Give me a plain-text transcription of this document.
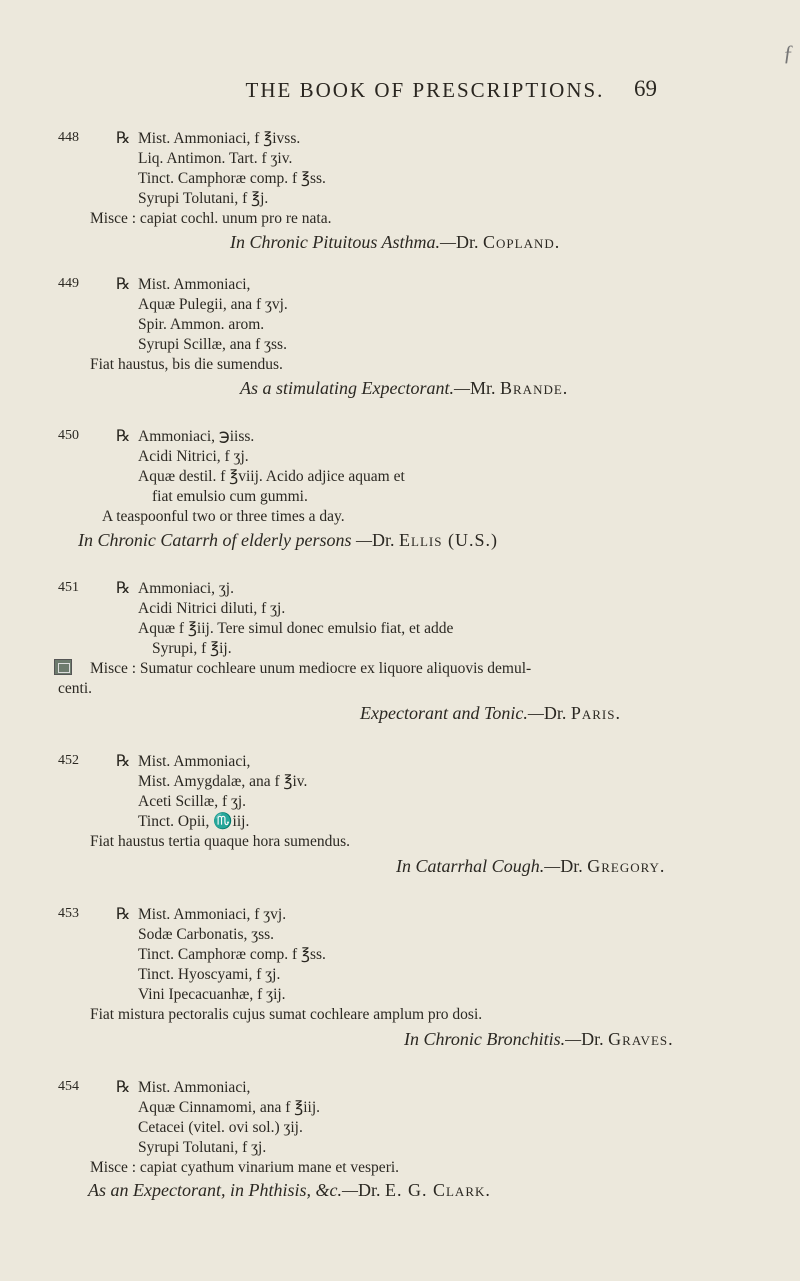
ƒ
THE BOOK OF PRESCRIPTIONS.	69
448 ℞ Mist. Ammoniaci, f ℥ivss.
Liq. Antimon. Tart. f ʒiv.
Tinct. Camphoræ comp. f ℥ss.
Syrupi Tolutani, f ℥j.
Misce : capiat cochl. unum pro re nata.
In Chronic Pituitous Asthma.—Dr. Copland.
449 ℞ Mist. Ammoniaci,
Aquæ Pulegii, ana f ʒvj.
Spir. Ammon. arom.
Syrupi Scillæ, ana f ʒss.
Fiat haustus, bis die sumendus.
As a stimulating Expectorant.—Mr. Brande.
450 ℞ Ammoniaci, ℈iiss.
Acidi Nitrici, f ʒj.
Aquæ destil. f ℥viij. Acido adjice aquam et
fiat emulsio cum gummi.
A teaspoonful two or three times a day.
In Chronic Catarrh of elderly persons —Dr. Ellis (U.S.)
451 ℞ Ammoniaci, ʒj.
Acidi Nitrici diluti, f ʒj.
Aquæ f ℥iij. Tere simul donec emulsio fiat, et adde
Syrupi, f ℥ij.
Misce : Sumatur cochleare unum mediocre ex liquore aliquovis demul-
centi.
Expectorant and Tonic.—Dr. Paris.
452 ℞ Mist. Ammoniaci,
Mist. Amygdalæ, ana f ℥iv.
Aceti Scillæ, f ʒj.
Tinct. Opii, ♏iij.
Fiat haustus tertia quaque hora sumendus.
In Catarrhal Cough.—Dr. Gregory.
453 ℞ Mist. Ammoniaci, f ʒvj.
Sodæ Carbonatis, ʒss.
Tinct. Camphoræ comp. f ℥ss.
Tinct. Hyoscyami, f ʒj.
Vini Ipecacuanhæ, f ʒij.
Fiat mistura pectoralis cujus sumat cochleare amplum pro dosi.
In Chronic Bronchitis.—Dr. Graves.
454 ℞ Mist. Ammoniaci,
Aquæ Cinnamomi, ana f ℥iij.
Cetacei (vitel. ovi sol.) ʒij.
Syrupi Tolutani, f ʒj.
Misce : capiat cyathum vinarium mane et vesperi.
As an Expectorant, in Phthisis, &c.—Dr. E. G. Clark.
